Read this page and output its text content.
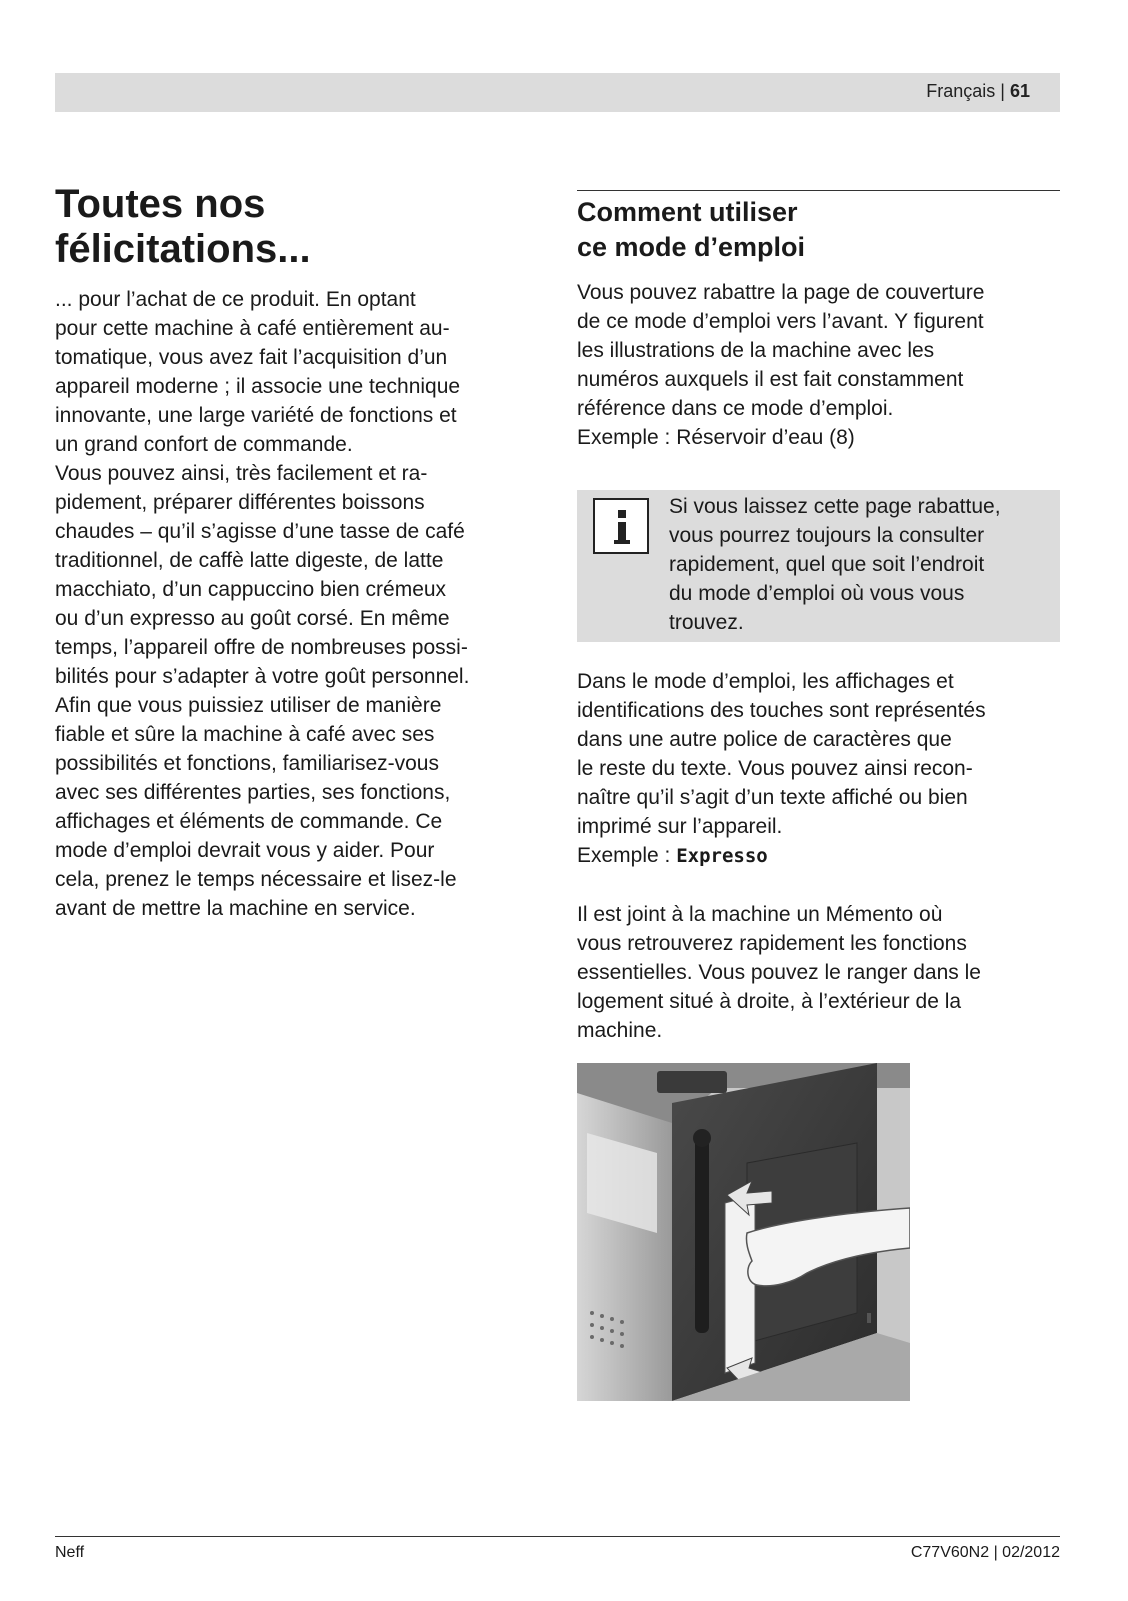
Français | 61
Toutes nos
félicitations...

... pour l’achat de ce produit. En optant

pour cette machine à café entièrement au-

tomatique, vous avez fait l’acquisition d’un

appareil moderne ; il associe une technique

innovante, une large variété de fonctions et

un grand confort de commande.

Vous pouvez ainsi, très facilement et ra-

pidement, préparer différentes boissons

chaudes – qu’il s’agisse d’une tasse de café

traditionnel, de caffè latte digeste, de latte

macchiato, d’un cappuccino bien crémeux

ou d’un expresso au goût corsé. En même

temps, l’appareil offre de nombreuses possi-

bilités pour s’adapter à votre goût personnel.

Afin que vous puissiez utiliser de manière

fiable et sûre la machine à café avec ses

possibilités et fonctions, familiarisez-vous

avec ses différentes parties, ses fonctions,

affichages et éléments de commande. Ce

mode d’emploi devrait vous y aider. Pour

cela, prenez le temps nécessaire et lisez-le

avant de mettre la machine en service.

Comment utiliser
ce mode d’emploi

Vous pouvez rabattre la page de couverture

de ce mode d’emploi vers l’avant. Y figurent

les illustrations de la machine avec les

numéros auxquels il est fait constamment

référence dans ce mode d’emploi.

Exemple : Réservoir d’eau (8)

Si vous laissez cette page rabattue,

vous pourrez toujours la consulter

rapidement, quel que soit l’endroit

du mode d’emploi où vous vous

trouvez.

Dans le mode d’emploi, les affichages et

identifications des touches sont représentés

dans une autre police de caractères que

le reste du texte. Vous pouvez ainsi recon-

naître qu’il s’agit d’un texte affiché ou bien

imprimé sur l’appareil.

Exemple : Expresso

Il est joint à la machine un Mémento où

vous retrouverez rapidement les fonctions

essentielles. Vous pouvez le ranger dans le

logement situé à droite, à l’extérieur de la

machine.

Neff	C77V60N2 | 02/2012
